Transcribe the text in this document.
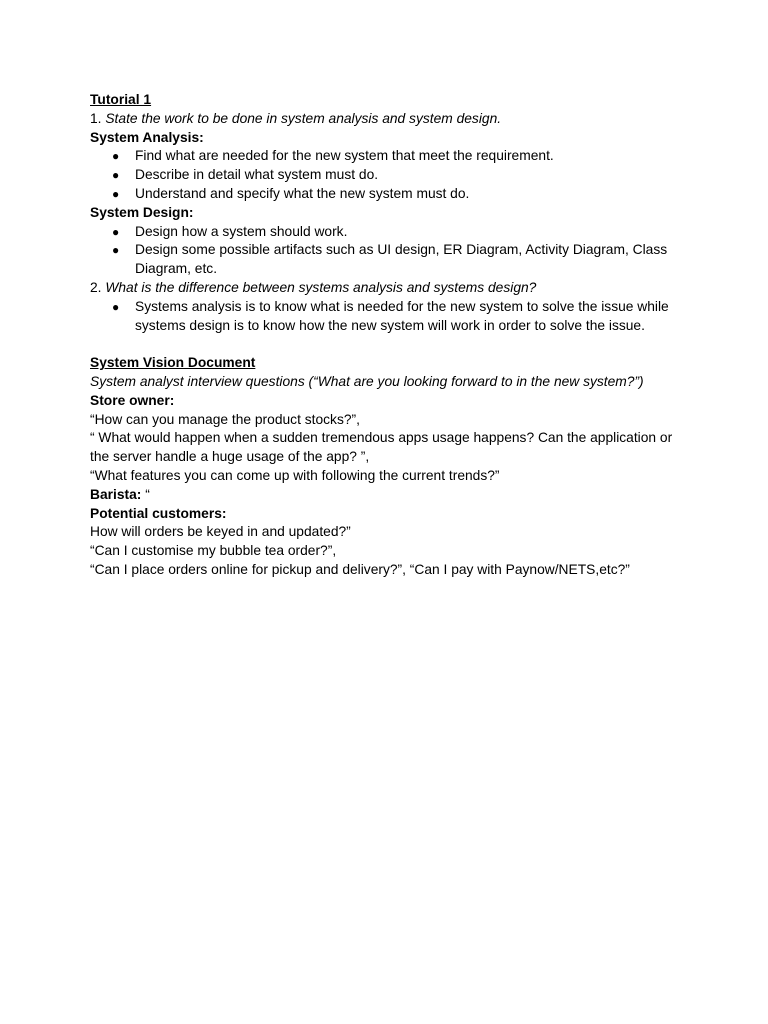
Tutorial 1

1. State the work to be done in system analysis and system design.

System Analysis:

● Find what are needed for the new system that meet the requirement.
● Describe in detail what system must do.
● Understand and specify what the new system must do.

System Design:

● Design how a system should work.
● Design some possible artifacts such as UI design, ER Diagram, Activity Diagram, Class Diagram, etc.

2. What is the difference between systems analysis and systems design?

● Systems analysis is to know what is needed for the new system to solve the issue while systems design is to know how the new system will work in order to solve the issue.

System Vision Document

System analyst interview questions (“What are you looking forward to in the new system?”)

Store owner:

“How can you manage the product stocks?”,

“ What would happen when a sudden tremendous apps usage happens? Can the application or

the server handle a huge usage of the app? ”,

“What features you can come up with following the current trends?”

Barista: “

Potential customers:

How will orders be keyed in and updated?”

“Can I customise my bubble tea order?”,

“Can I place orders online for pickup and delivery?”, “Can I pay with Paynow/NETS,etc?”
